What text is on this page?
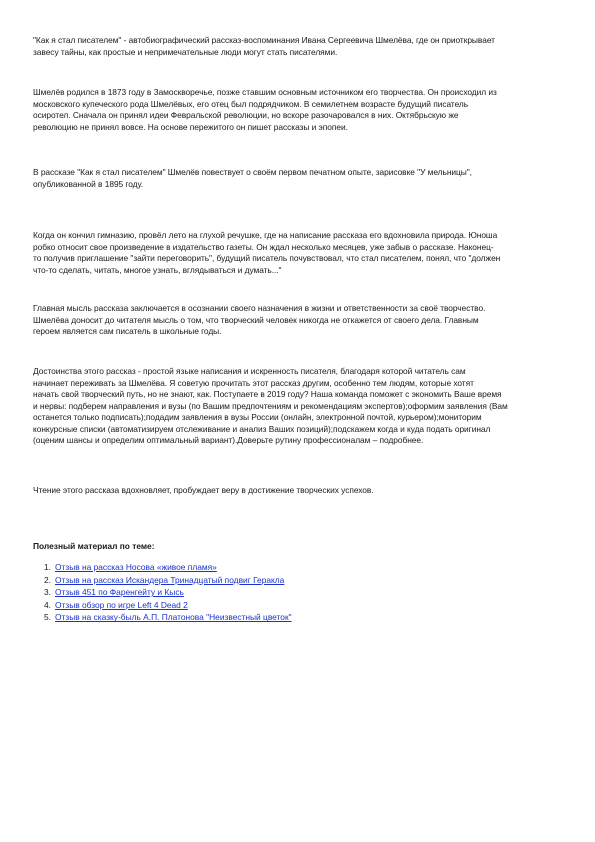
"Как я стал писателем" - автобиографический рассказ-воспоминания Ивана Сергеевича Шмелёва, где он приоткрывает
завесу тайны, как простые и непримечательные люди могут стать писателями.

Шмелёв родился в 1873 году в Замоскворечье, позже ставшим основным источником его творчества. Он происходил из
московского купеческого рода Шмелёвых, его отец был подрядчиком. В семилетнем возрасте будущий писатель
осиротел. Сначала он принял идеи Февральской революции, но вскоре разочаровался в них. Октябрьскую же
революцию не принял вовсе. На основе пережитого он пишет рассказы и эпопеи.

В рассказе "Как я стал писателем" Шмелёв повествует о своём первом печатном опыте, зарисовке "У мельницы",
опубликованной в 1895 году.

Когда он кончил гимназию, провёл лето на глухой речушке, где на написание рассказа его вдохновила природа. Юноша
робко относит свое произведение в издательство газеты. Он ждал несколько месяцев, уже забыв о рассказе. Наконец-
то получив приглашение "зайти переговорить", будущий писатель почувствовал, что стал писателем, понял, что "должен
что-то сделать, читать, многое узнать, вглядываться и думать..."

Главная мысль рассказа заключается в осознании своего назначения в жизни и ответственности за своё творчество.
Шмелёва доносит до читателя мысль о том, что творческий человек никогда не откажется от своего дела. Главным
героем является сам писатель в школьные годы.

Достоинства этого рассказ - простой языке написания и искренность писателя, благодаря которой читатель сам
начинает переживать за Шмелёва. Я советую прочитать этот рассказ другим, особенно тем людям, которые хотят
начать свой творческий путь, но не знают, как. Поступаете в 2019 году? Наша команда поможет с экономить Ваше время
и нервы: подберем направления и вузы (по Вашим предпочтениям и рекомендациям экспертов);оформим заявления (Вам
останется только подписать);подадим заявления в вузы России (онлайн, электронной почтой, курьером);мониторим
конкурсные списки (автоматизируем отслеживание и анализ Ваших позиций);подскажем когда и куда подать оригинал
(оценим шансы и определим оптимальный вариант).Доверьте рутину профессионалам – подробнее.

Чтение этого рассказа вдохновляет, пробуждает веру в достижение творческих успехов.

Полезный материал по теме:

1. Отзыв на рассказ Носова «живое пламя»
2. Отзыв на рассказ Искандера Тринадцатый подвиг Геракла
3. Отзыв 451 по Фаренгейту и Кысь
4. Отзыв обзор по игре Left 4 Dead 2
5. Отзыв на сказку-быль А.П. Платонова "Неизвестный цветок"
